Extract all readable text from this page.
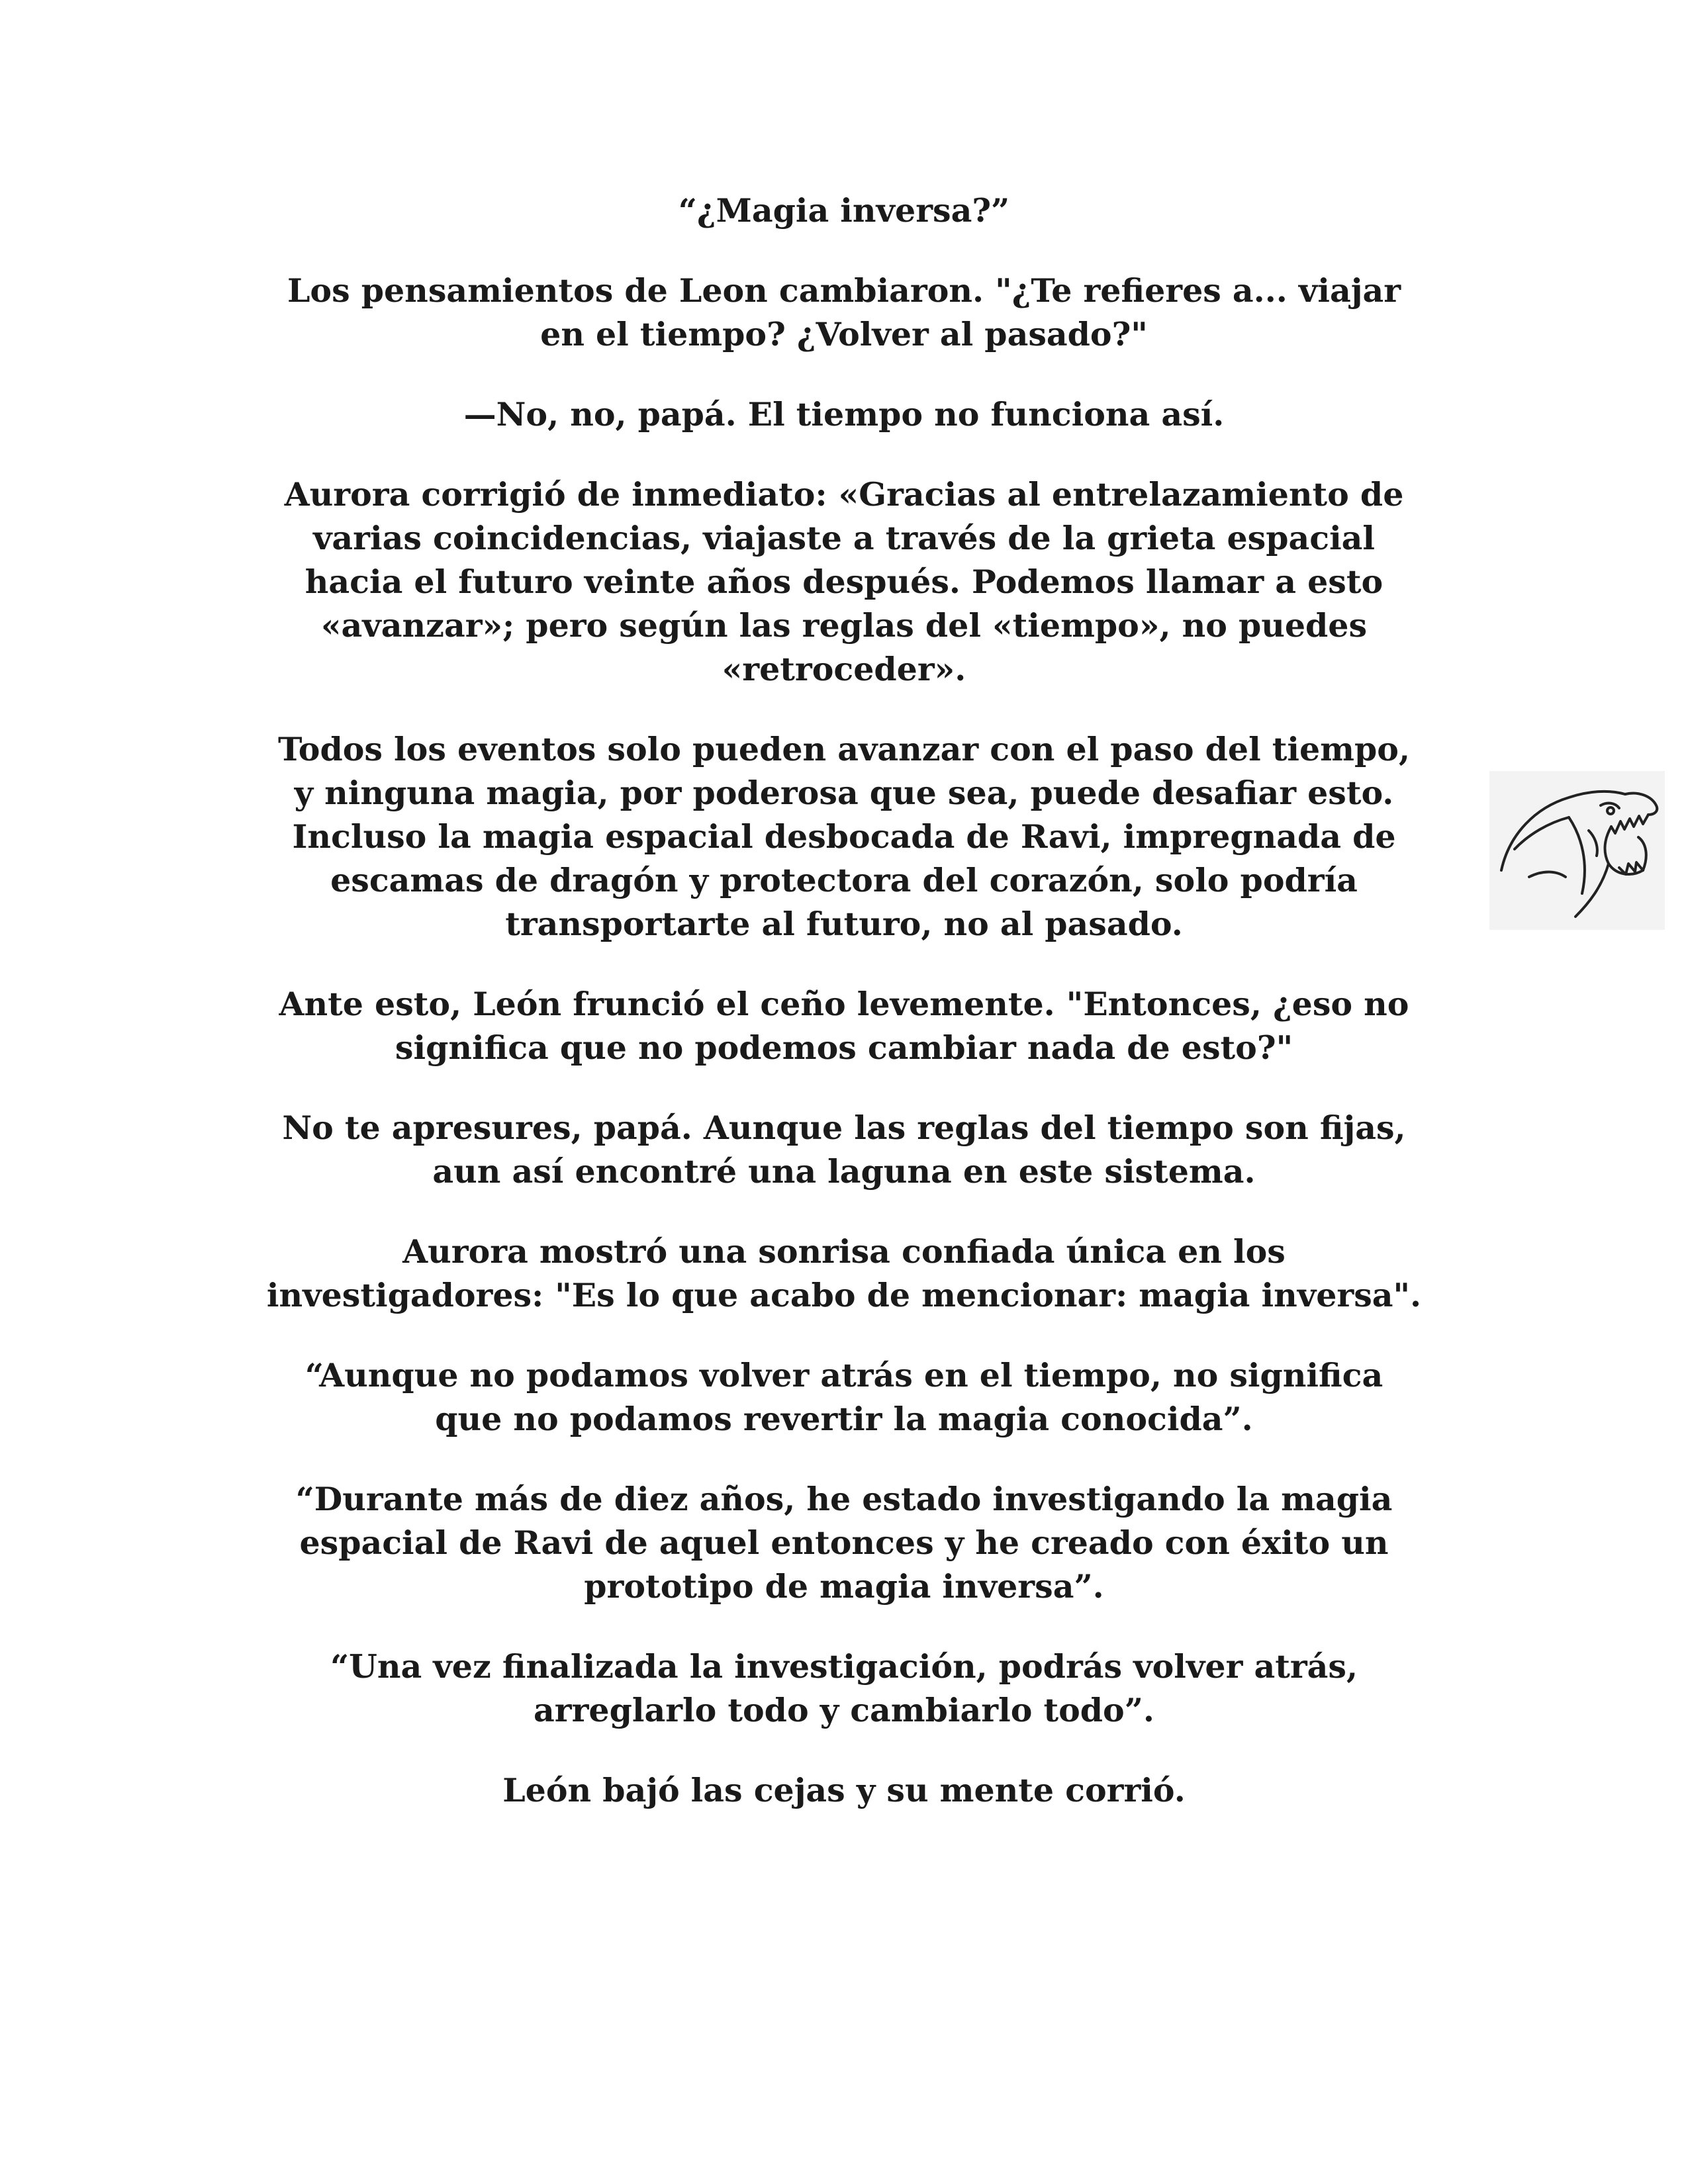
“¿Magia inversa?”

Los pensamientos de Leon cambiaron. "¿Te refieres a... viajar
en el tiempo? ¿Volver al pasado?"

—No, no, papá. El tiempo no funciona así.

Aurora corrigió de inmediato: «Gracias al entrelazamiento de
varias coincidencias, viajaste a través de la grieta espacial
hacia el futuro veinte años después. Podemos llamar a esto
«avanzar»; pero según las reglas del «tiempo», no puedes
«retroceder».

Todos los eventos solo pueden avanzar con el paso del tiempo,
y ninguna magia, por poderosa que sea, puede desafiar esto.
Incluso la magia espacial desbocada de Ravi, impregnada de
escamas de dragón y protectora del corazón, solo podría
transportarte al futuro, no al pasado.

Ante esto, León frunció el ceño levemente. "Entonces, ¿eso no
significa que no podemos cambiar nada de esto?"

No te apresures, papá. Aunque las reglas del tiempo son fijas,
aun así encontré una laguna en este sistema.

Aurora mostró una sonrisa confiada única en los
investigadores: "Es lo que acabo de mencionar: magia inversa".

“Aunque no podamos volver atrás en el tiempo, no significa
que no podamos revertir la magia conocida”.

“Durante más de diez años, he estado investigando la magia
espacial de Ravi de aquel entonces y he creado con éxito un
prototipo de magia inversa”.

“Una vez finalizada la investigación, podrás volver atrás,
arreglarlo todo y cambiarlo todo”.

León bajó las cejas y su mente corrió.
